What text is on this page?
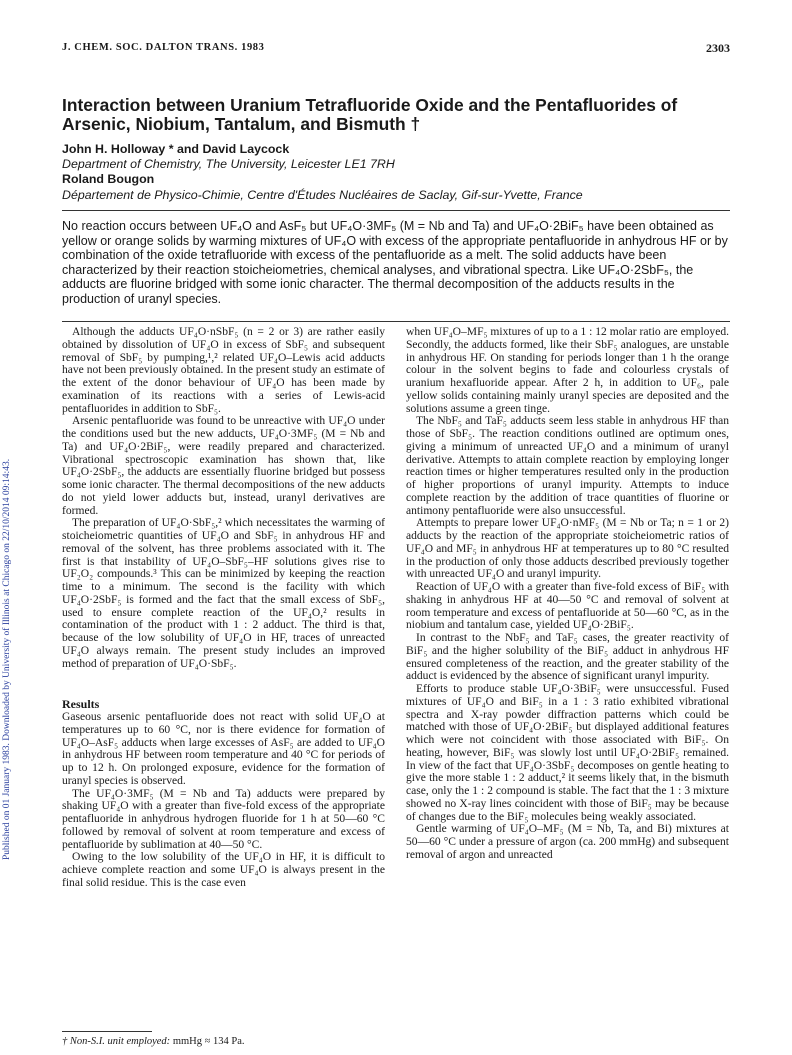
Published on 01 January 1983. Downloaded by University of Illinois at Chicago on 22/10/2014 09:14:43.
J. CHEM. SOC. DALTON TRANS. 1983	2303
Interaction between Uranium Tetrafluoride Oxide and the Pentafluorides of Arsenic, Niobium, Tantalum, and Bismuth †
John H. Holloway * and David Laycock
Department of Chemistry, The University, Leicester LE1 7RH
Roland Bougon
Département de Physico-Chimie, Centre d'Études Nucléaires de Saclay, Gif-sur-Yvette, France
No reaction occurs between UF₄O and AsF₅ but UF₄O·3MF₅ (M = Nb and Ta) and UF₄O·2BiF₅ have been obtained as yellow or orange solids by warming mixtures of UF₄O with excess of the appropriate pentafluoride in anhydrous HF or by combination of the oxide tetrafluoride with excess of the pentafluoride as a melt. The solid adducts have been characterized by their reaction stoicheiometries, chemical analyses, and vibrational spectra. Like UF₄O·2SbF₅, the adducts are fluorine bridged with some ionic character. The thermal decomposition of the adducts results in the production of uranyl species.

Although the adducts UF₄O·nSbF₅ (n = 2 or 3) are rather easily obtained by dissolution of UF₄O in excess of SbF₅ and subsequent removal of SbF₅ by pumping,¹,² related UF₄O–Lewis acid adducts have not been previously obtained. In the present study an estimate of the extent of the donor behaviour of UF₄O has been made by examination of its reactions with a series of Lewis-acid pentafluorides in addition to SbF₅.

Arsenic pentafluoride was found to be unreactive with UF₄O under the conditions used but the new adducts, UF₄O·3MF₅ (M = Nb and Ta) and UF₄O·2BiF₅, were readily prepared and characterized. Vibrational spectroscopic examination has shown that, like UF₄O·2SbF₅, the adducts are essentially fluorine bridged but possess some ionic character. The thermal decompositions of the new adducts do not yield lower adducts but, instead, uranyl derivatives are formed.

The preparation of UF₄O·SbF₅,² which necessitates the warming of stoicheiometric quantities of UF₄O and SbF₅ in anhydrous HF and removal of the solvent, has three problems associated with it. The first is that instability of UF₄O–SbF₅–HF solutions gives rise to UF₂O₂ compounds.³ This can be minimized by keeping the reaction time to a minimum. The second is the facility with which UF₄O·2SbF₅ is formed and the fact that the small excess of SbF₅, used to ensure complete reaction of the UF₄O,² results in contamination of the product with 1 : 2 adduct. The third is that, because of the low solubility of UF₄O in HF, traces of unreacted UF₄O always remain. The present study includes an improved method of preparation of UF₄O·SbF₅.

Results

Gaseous arsenic pentafluoride does not react with solid UF₄O at temperatures up to 60 °C, nor is there evidence for formation of UF₄O–AsF₅ adducts when large excesses of AsF₅ are added to UF₄O in anhydrous HF between room temperature and 40 °C for periods of up to 12 h. On prolonged exposure, evidence for the formation of uranyl species is observed.

The UF₄O·3MF₅ (M = Nb and Ta) adducts were prepared by shaking UF₄O with a greater than five-fold excess of the appropriate pentafluoride in anhydrous hydrogen fluoride for 1 h at 50—60 °C followed by removal of solvent at room temperature and excess of pentafluoride by sublimation at 40—50 °C.

Owing to the low solubility of the UF₄O in HF, it is difficult to achieve complete reaction and some UF₄O is always present in the final solid residue. This is the case even

when UF₄O–MF₅ mixtures of up to a 1 : 12 molar ratio are employed. Secondly, the adducts formed, like their SbF₅ analogues, are unstable in anhydrous HF. On standing for periods longer than 1 h the orange colour in the solvent begins to fade and colourless crystals of uranium hexafluoride appear. After 2 h, in addition to UF₆, pale yellow solids containing mainly uranyl species are deposited and the solutions assume a green tinge.

The NbF₅ and TaF₅ adducts seem less stable in anhydrous HF than those of SbF₅. The reaction conditions outlined are optimum ones, giving a minimum of unreacted UF₄O and a minimum of uranyl derivative. Attempts to attain complete reaction by employing longer reaction times or higher temperatures resulted only in the production of higher proportions of uranyl impurity. Attempts to induce complete reaction by the addition of trace quantities of fluorine or antimony pentafluoride were also unsuccessful.

Attempts to prepare lower UF₄O·nMF₅ (M = Nb or Ta; n = 1 or 2) adducts by the reaction of the appropriate stoicheiometric ratios of UF₄O and MF₅ in anhydrous HF at temperatures up to 80 °C resulted in the production of only those adducts described previously together with unreacted UF₄O and uranyl impurity.

Reaction of UF₄O with a greater than five-fold excess of BiF₅ with shaking in anhydrous HF at 40—50 °C and removal of solvent at room temperature and excess of pentafluoride at 50—60 °C, as in the niobium and tantalum case, yielded UF₄O·2BiF₅.

In contrast to the NbF₅ and TaF₅ cases, the greater reactivity of BiF₅ and the higher solubility of the BiF₅ adduct in anhydrous HF ensured completeness of the reaction, and the greater stability of the adduct is evidenced by the absence of significant uranyl impurity.

Efforts to produce stable UF₄O·3BiF₅ were unsuccessful. Fused mixtures of UF₄O and BiF₅ in a 1 : 3 ratio exhibited vibrational spectra and X-ray powder diffraction patterns which could be matched with those of UF₄O·2BiF₅ but displayed additional features which were not coincident with those associated with BiF₅. On heating, however, BiF₅ was slowly lost until UF₄O·2BiF₅ remained. In view of the fact that UF₄O·3SbF₅ decomposes on gentle heating to give the more stable 1 : 2 adduct,² it seems likely that, in the bismuth case, only the 1 : 2 compound is stable. The fact that the 1 : 3 mixture showed no X-ray lines coincident with those of BiF₅ may be because of changes due to the BiF₅ molecules being weakly associated.

Gentle warming of UF₄O–MF₅ (M = Nb, Ta, and Bi) mixtures at 50—60 °C under a pressure of argon (ca. 200 mmHg) and subsequent removal of argon and unreacted

† Non-S.I. unit employed: mmHg ≈ 134 Pa.
